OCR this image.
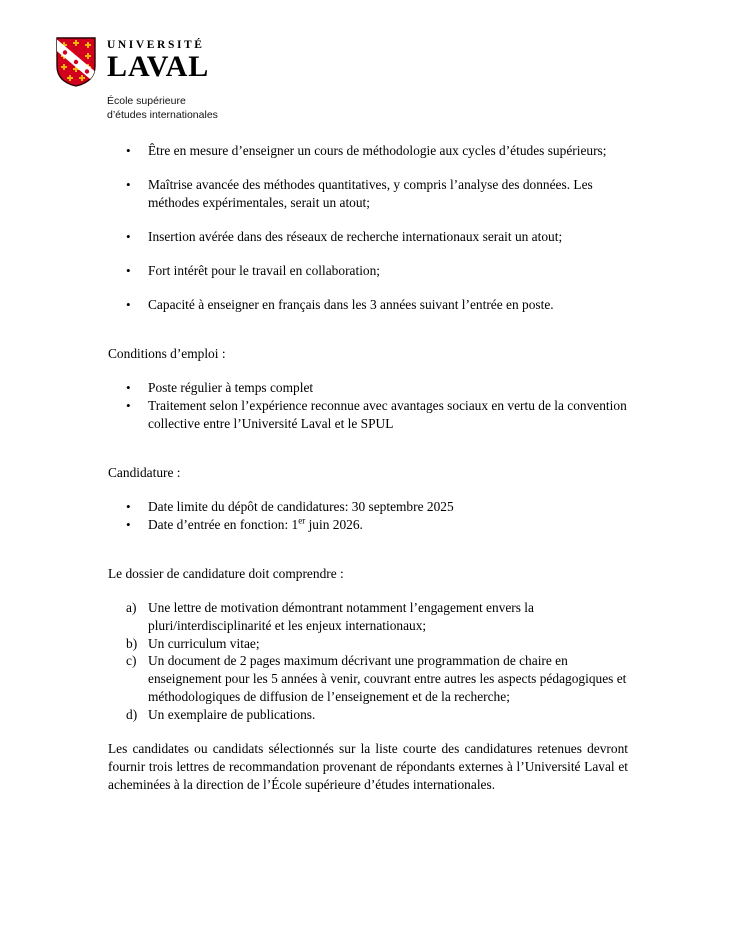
UNIVERSITÉ
LAVAL
École supérieure
d’études internationales
•	Être en mesure d’enseigner un cours de méthodologie aux cycles d’études supérieurs;
•	Maîtrise avancée des méthodes quantitatives, y compris l’analyse des données. Les méthodes expérimentales, serait un atout;
•	Insertion avérée dans des réseaux de recherche internationaux serait un atout;
•	Fort intérêt pour le travail en collaboration;
•	Capacité à enseigner en français dans les 3 années suivant l’entrée en poste.
Conditions d’emploi :
•	Poste régulier à temps complet
•	Traitement selon l’expérience reconnue avec avantages sociaux en vertu de la convention collective entre l’Université Laval et le SPUL
Candidature :
•	Date limite du dépôt de candidatures: 30 septembre 2025
•	Date d’entrée en fonction: 1er juin 2026.
Le dossier de candidature doit comprendre :
a) Une lettre de motivation démontrant notamment l’engagement envers la pluri/interdisciplinarité et les enjeux internationaux;
b) Un curriculum vitae;
c) Un document de 2 pages maximum décrivant une programmation de chaire en enseignement pour les 5 années à venir, couvrant entre autres les aspects pédagogiques et méthodologiques de diffusion de l’enseignement et de la recherche;
d) Un exemplaire de publications.

Les candidates ou candidats sélectionnés sur la liste courte des candidatures retenues devront fournir trois lettres de recommandation provenant de répondants externes à l’Université Laval et acheminées à la direction de l’École supérieure d’études internationales.
